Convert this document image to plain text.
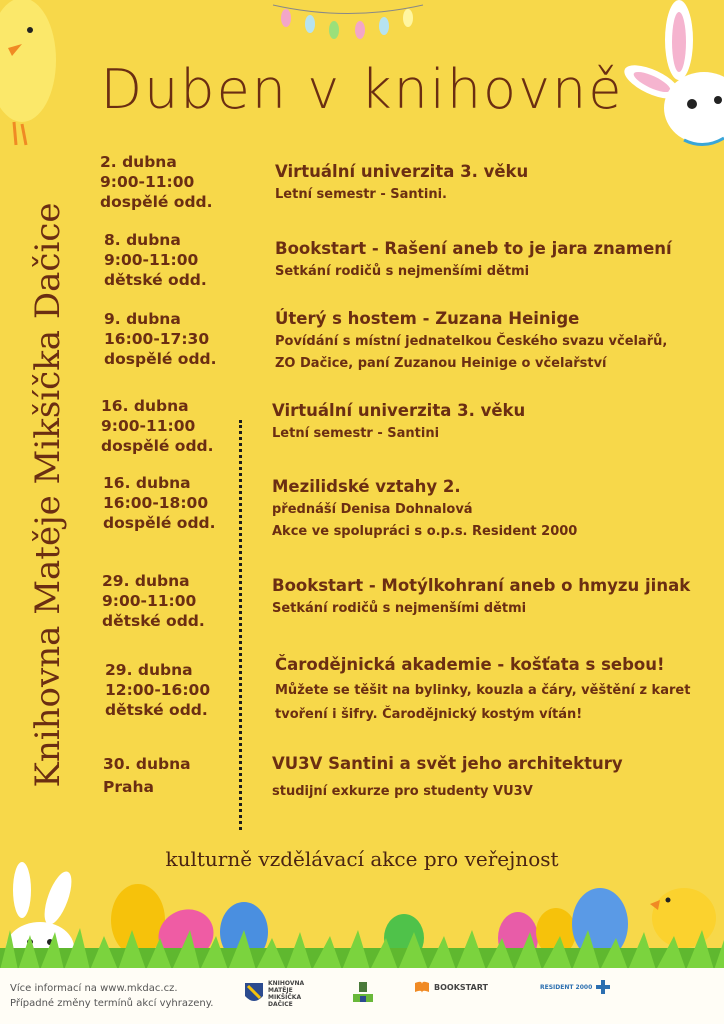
Duben v knihovně
Knihovna Matěje Mikšíčka Dačice
2. dubna
9:00-11:00
dospělé odd.
Virtuální univerzita 3. věku
Letní semestr - Santini.
8. dubna
9:00-11:00
dětské odd.
Bookstart - Rašení aneb to je jara znamení
Setkání rodičů s nejmenšími dětmi
9. dubna
16:00-17:30
dospělé odd.
Úterý s hostem - Zuzana Heinige
Povídání s místní jednatelkou Českého svazu včelařů,
ZO Dačice, paní Zuzanou Heinige o včelařství
16. dubna
9:00-11:00
dospělé odd.
Virtuální univerzita 3. věku
Letní semestr - Santini
16. dubna
16:00-18:00
dospělé odd.
Mezilidské vztahy 2.
přednáší Denisa Dohnalová
Akce ve spolupráci s o.p.s. Resident 2000
29. dubna
9:00-11:00
dětské odd.
Bookstart - Motýlkohraní aneb o hmyzu jinak
Setkání rodičů s nejmenšími dětmi
29. dubna
12:00-16:00
dětské odd.
Čarodějnická akademie - košťata s sebou!
Můžete se těšit na bylinky, kouzla a čáry, věštění z karet
tvoření i šifry. Čarodějnický kostým vítán!
30. dubna
Praha
VU3V Santini a svět jeho architektury
studijní exkurze pro studenty VU3V
kulturně vzdělávací akce pro veřejnost
Více informací na www.mkdac.cz.
Případné změny termínů akcí vyhrazeny.
KNIHOVNA
MATĚJE
MIKŠÍČKA
DAČICE
BOOKSTART	RESIDENT 2000
